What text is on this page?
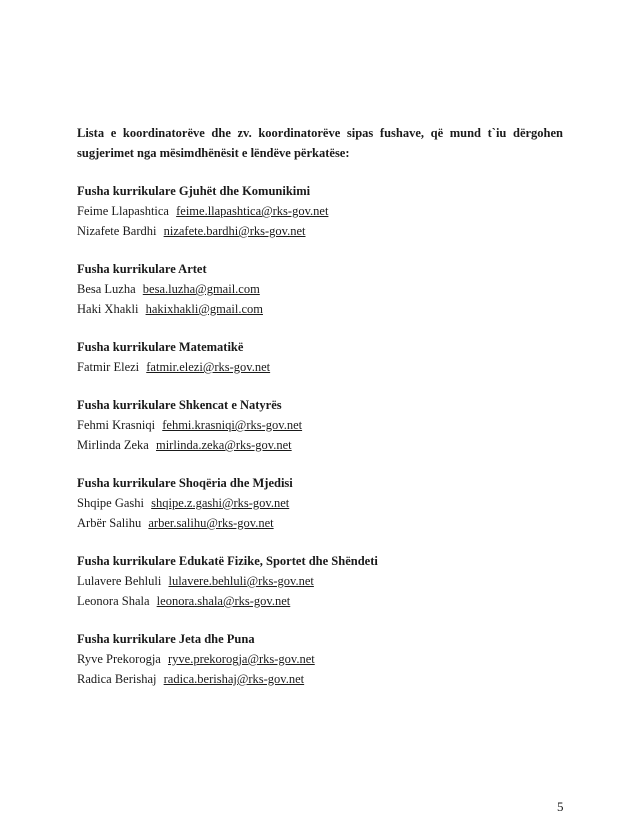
Lista e koordinatorëve dhe zv. koordinatorëve sipas fushave, që mund t`iu dërgohen sugjerimet nga mësimdhënësit e lëndëve përkatëse:

Fusha kurrikulare Gjuhët dhe Komunikimi

Feime Llapashtica feime.llapashtica@rks-gov.net
Nizafete Bardhi nizafete.bardhi@rks-gov.net

Fusha kurrikulare Artet

Besa Luzha besa.luzha@gmail.com
Haki Xhakli hakixhakli@gmail.com

Fusha kurrikulare Matematikë

Fatmir Elezi fatmir.elezi@rks-gov.net

Fusha kurrikulare Shkencat e Natyrës

Fehmi Krasniqi fehmi.krasniqi@rks-gov.net
Mirlinda Zeka mirlinda.zeka@rks-gov.net

Fusha kurrikulare Shoqëria dhe Mjedisi

Shqipe Gashi shqipe.z.gashi@rks-gov.net
Arbër Salihu arber.salihu@rks-gov.net

Fusha kurrikulare Edukatë Fizike, Sportet dhe Shëndeti

Lulavere Behluli lulavere.behluli@rks-gov.net
Leonora Shala leonora.shala@rks-gov.net

Fusha kurrikulare Jeta dhe Puna

Ryve Prekorogja ryve.prekorogja@rks-gov.net
Radica Berishaj radica.berishaj@rks-gov.net
5
